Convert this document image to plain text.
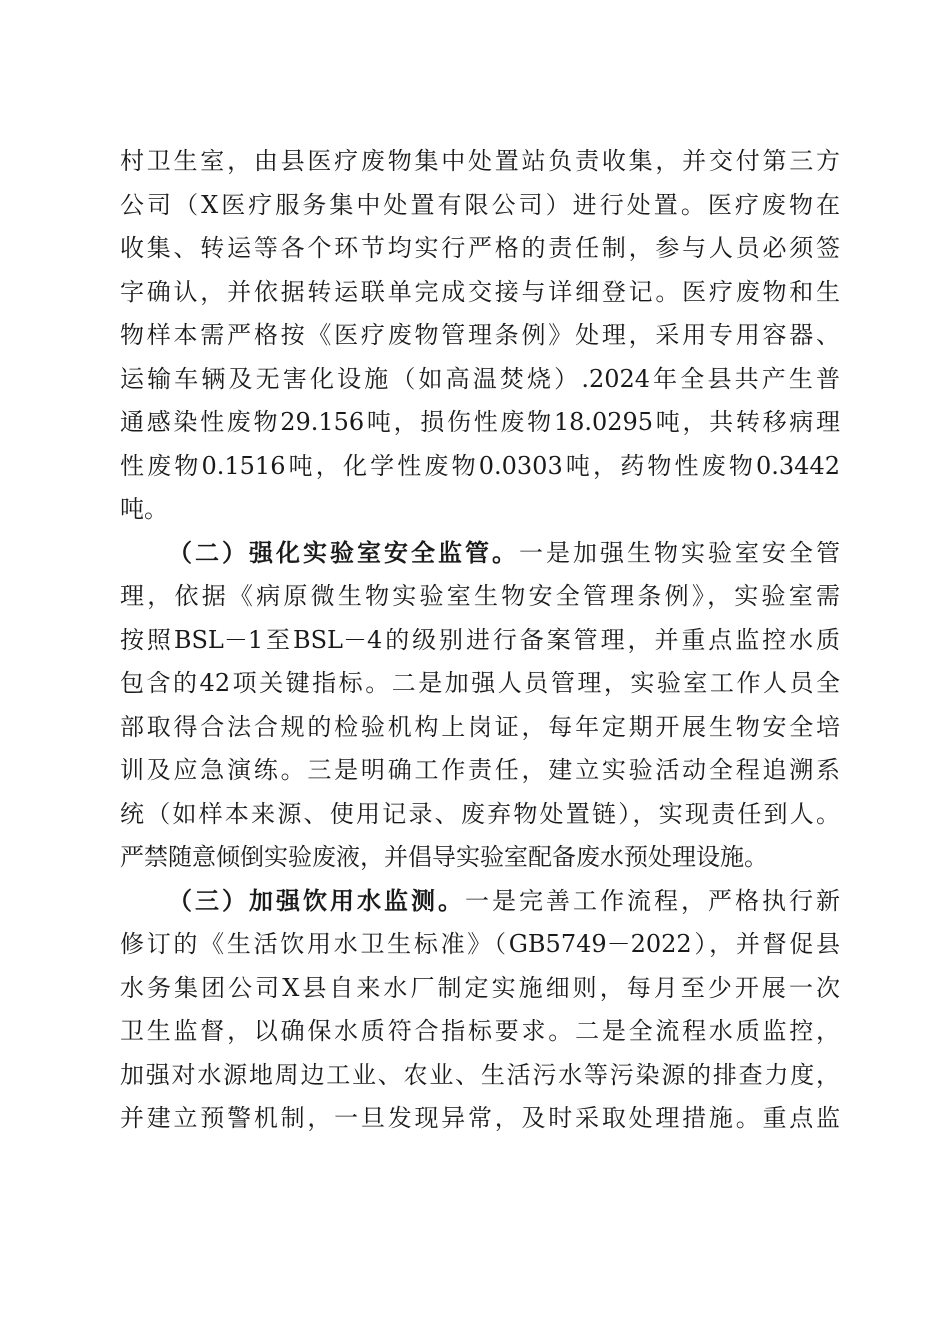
村卫生室，由县医疗废物集中处置站负责收集，并交付第三方
公司（X医疗服务集中处置有限公司）进行处置。医疗废物在
收集、转运等各个环节均实行严格的责任制，参与人员必须签
字确认，并依据转运联单完成交接与详细登记。医疗废物和生
物样本需严格按《医疗废物管理条例》处理，采用专用容器、
运输车辆及无害化设施（如高温焚烧）.2024年全县共产生普
通感染性废物29.156吨，损伤性废物18.0295吨，共转移病理
性废物0.1516吨，化学性废物0.0303吨，药物性废物0.3442
吨。
（二）强化实验室安全监管。一是加强生物实验室安全管
理，依据《病原微生物实验室生物安全管理条例》，实验室需
按照BSL－1至BSL－4的级别进行备案管理，并重点监控水质
包含的42项关键指标。二是加强人员管理，实验室工作人员全
部取得合法合规的检验机构上岗证，每年定期开展生物安全培
训及应急演练。三是明确工作责任，建立实验活动全程追溯系
统（如样本来源、使用记录、废弃物处置链），实现责任到人。
严禁随意倾倒实验废液，并倡导实验室配备废水预处理设施。
（三）加强饮用水监测。一是完善工作流程，严格执行新
修订的《生活饮用水卫生标准》（GB5749－2022），并督促县
水务集团公司X县自来水厂制定实施细则，每月至少开展一次
卫生监督，以确保水质符合指标要求。二是全流程水质监控，
加强对水源地周边工业、农业、生活污水等污染源的排查力度，
并建立预警机制，一旦发现异常，及时采取处理措施。重点监
